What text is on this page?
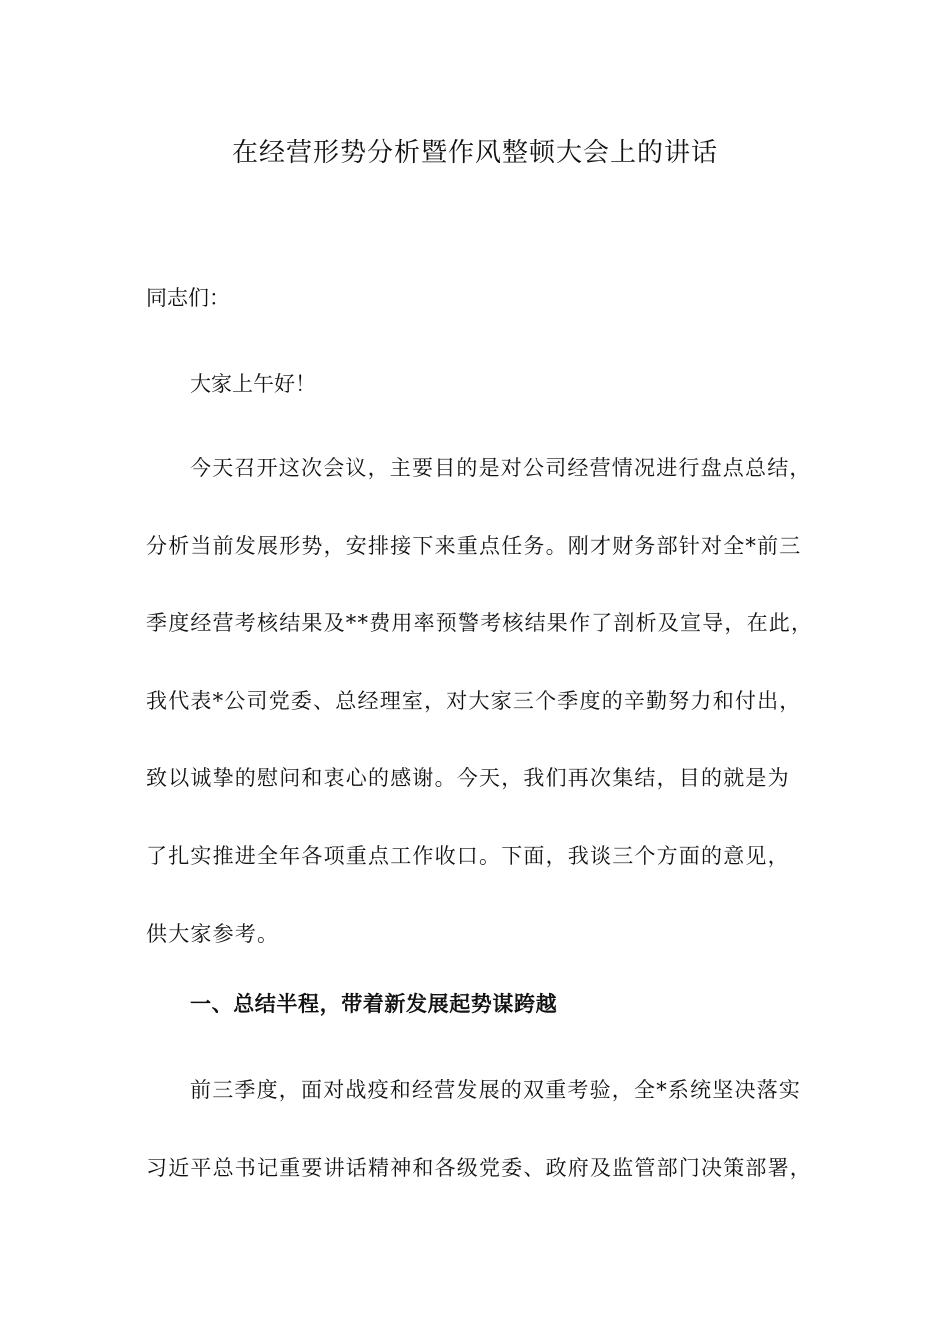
在经营形势分析暨作风整顿大会上的讲话
同志们：
大家上午好！
今天召开这次会议，主要目的是对公司经营情况进行盘点总结，
分析当前发展形势，安排接下来重点任务。刚才财务部针对全*前三
季度经营考核结果及**费用率预警考核结果作了剖析及宣导，在此，
我代表*公司党委、总经理室，对大家三个季度的辛勤努力和付出，
致以诚挚的慰问和衷心的感谢。今天，我们再次集结，目的就是为
了扎实推进全年各项重点工作收口。下面，我谈三个方面的意见，
供大家参考。
一、总结半程，带着新发展起势谋跨越
前三季度，面对战疫和经营发展的双重考验，全*系统坚决落实
习近平总书记重要讲话精神和各级党委、政府及监管部门决策部署，
